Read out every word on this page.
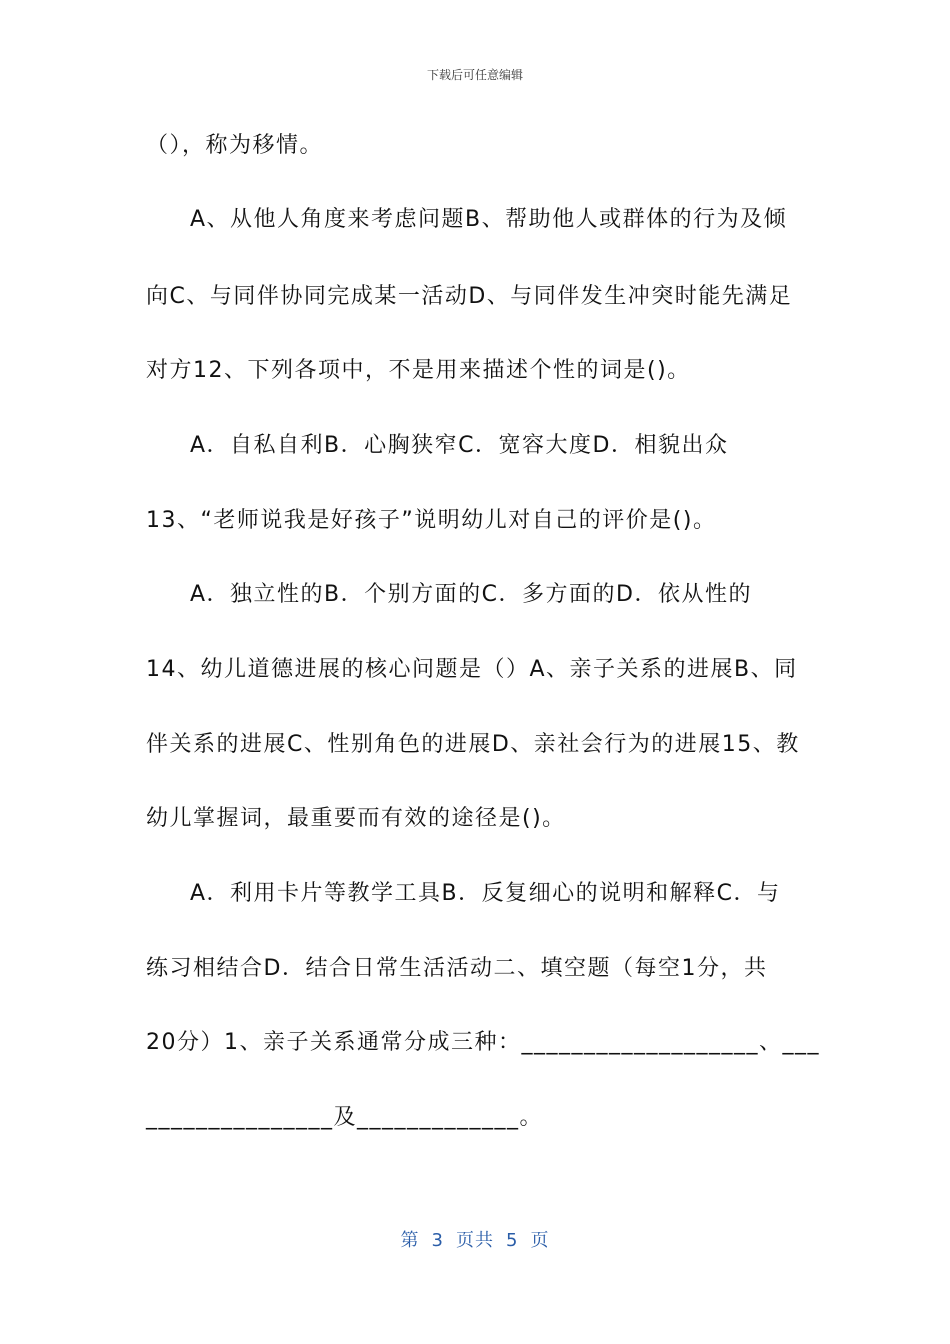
下载后可任意编辑
（），称为移情。
A、从他人角度来考虑问题B、帮助他人或群体的行为及倾
向C、与同伴协同完成某一活动D、与同伴发生冲突时能先满足
对方12、下列各项中，不是用来描述个性的词是()。
A．自私自利B．心胸狭窄C．宽容大度D．相貌出众
13、“老师说我是好孩子”说明幼儿对自己的评价是()。
A．独立性的B．个别方面的C．多方面的D．依从性的
14、幼儿道德进展的核心问题是（）A、亲子关系的进展B、同
伴关系的进展C、性别角色的进展D、亲社会行为的进展15、教
幼儿掌握词，最重要而有效的途径是()。
A．利用卡片等教学工具B．反复细心的说明和解释C．与
练习相结合D．结合日常生活活动二、填空题（每空1分，共
20分）1、亲子关系通常分成三种：___________________、___
_______________及_____________。
第 3 页共 5 页
